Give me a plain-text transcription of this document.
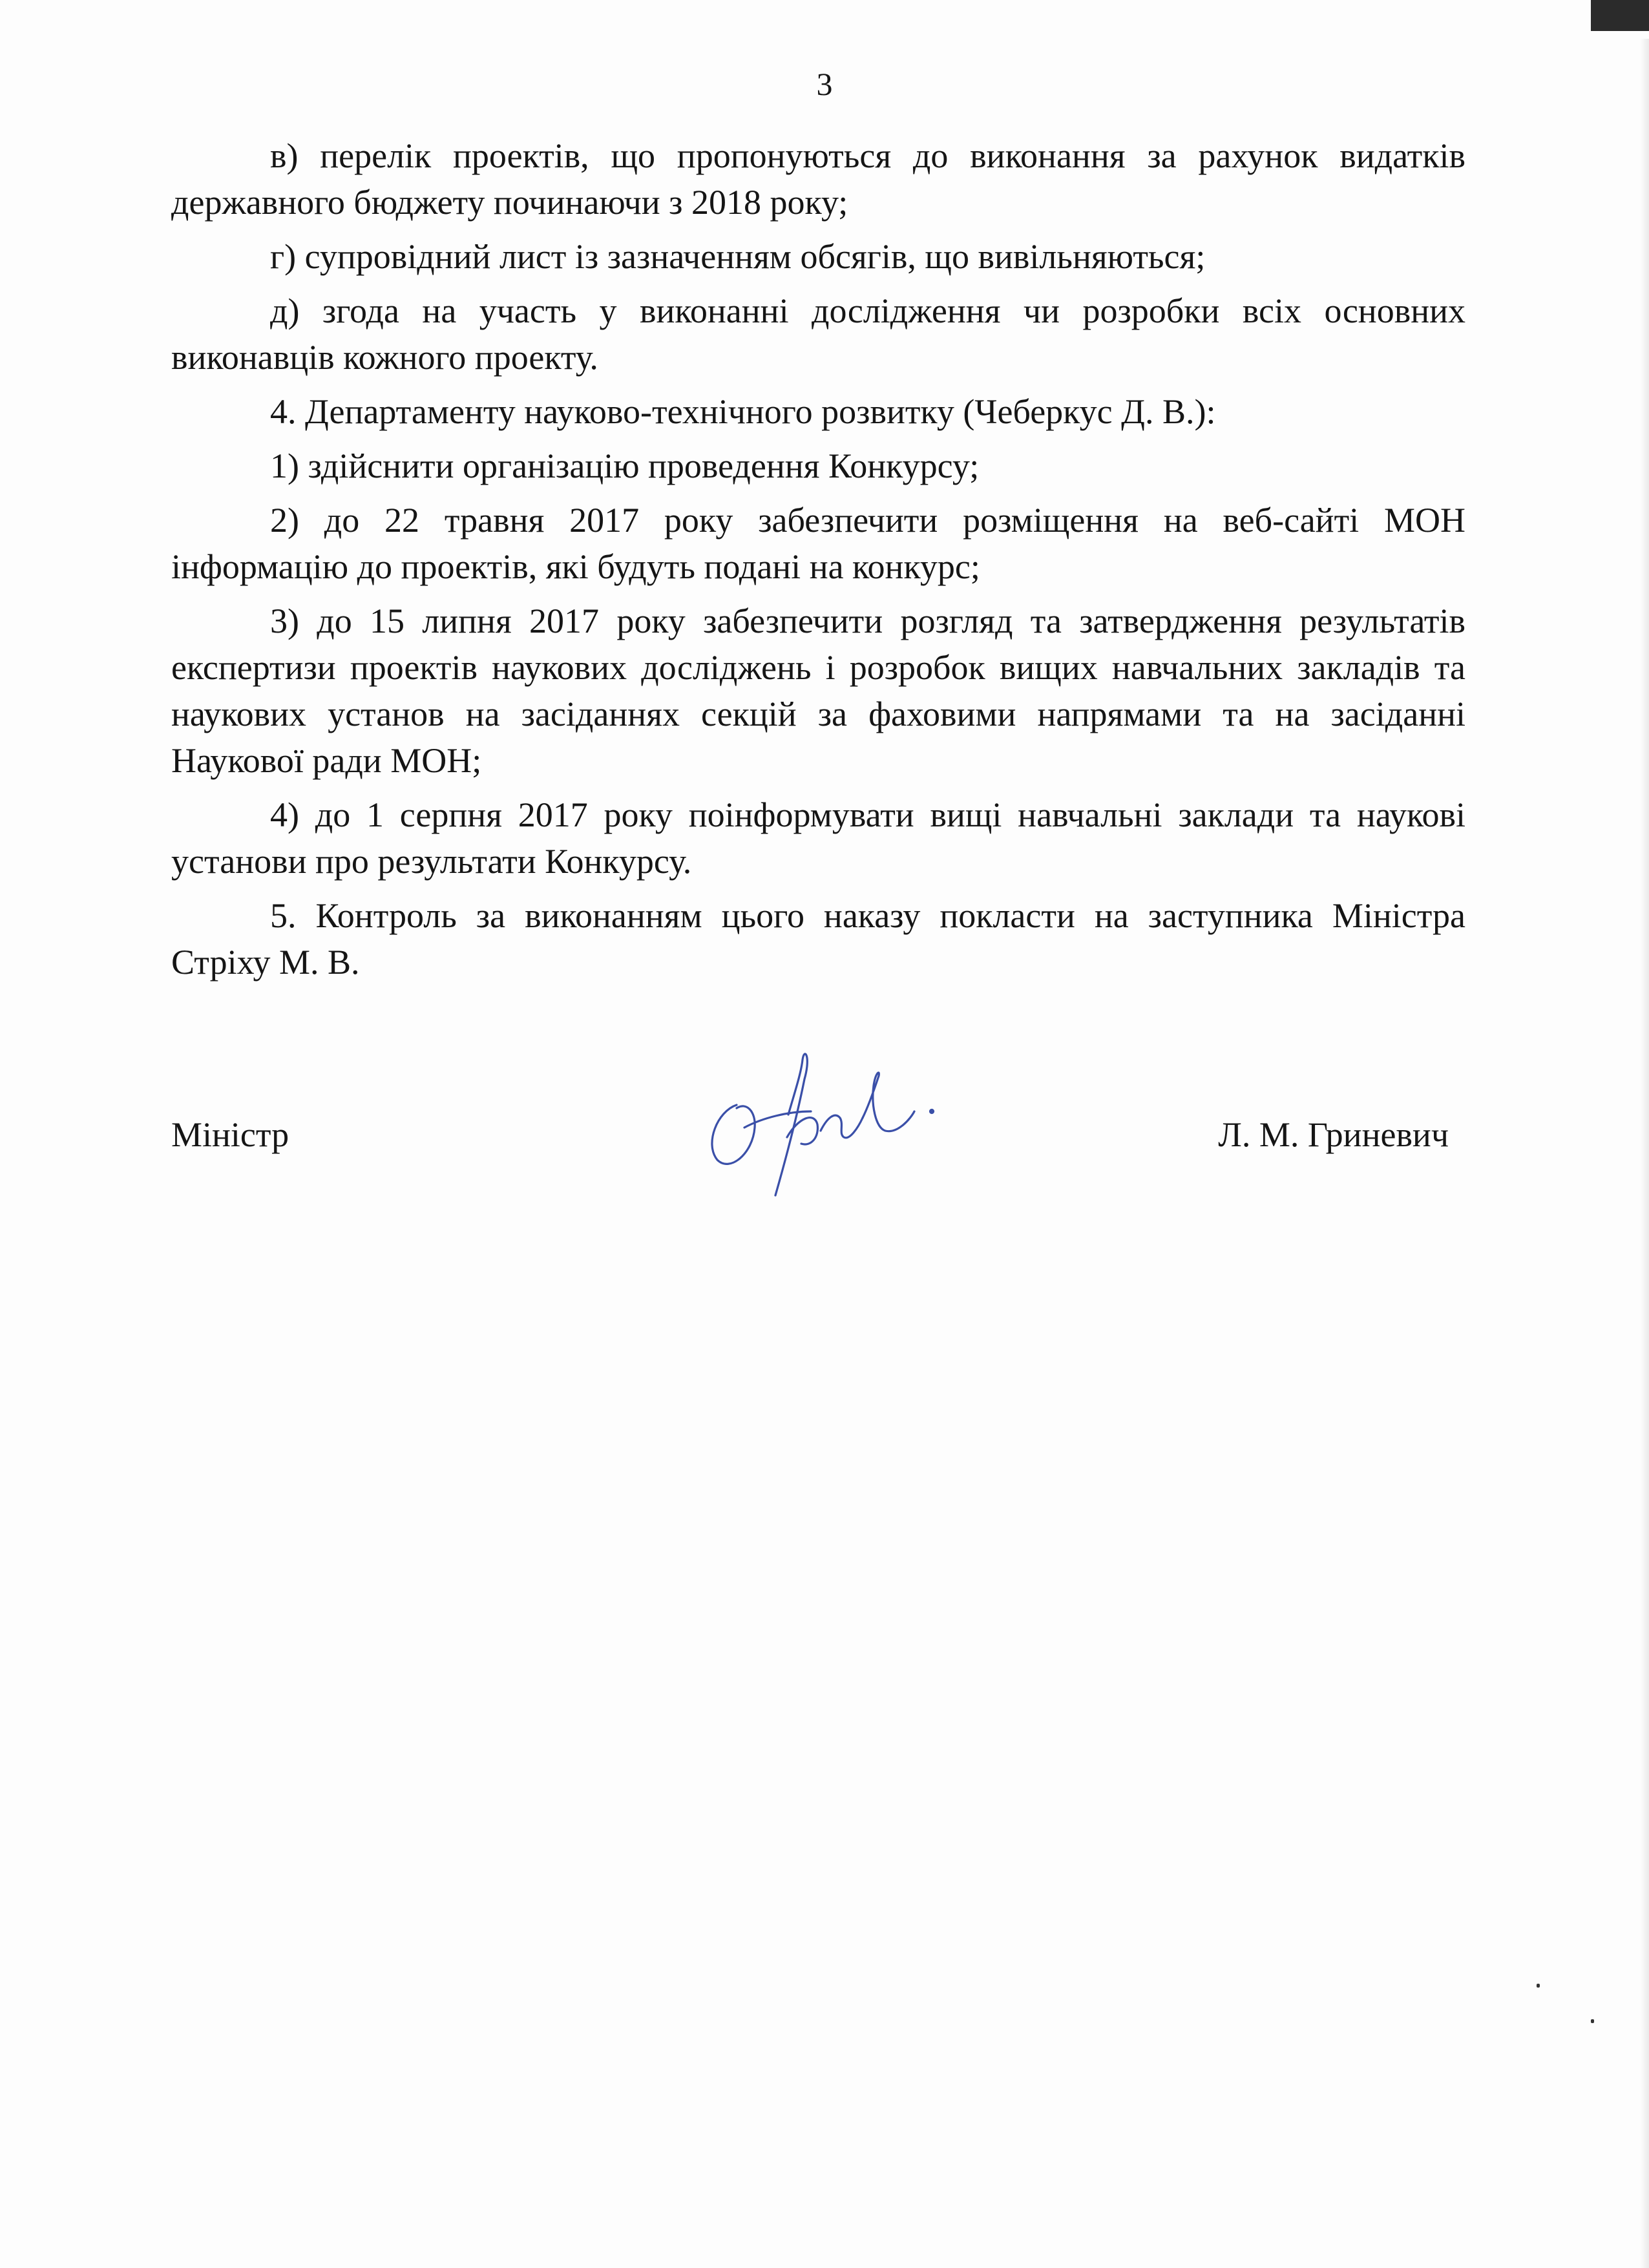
3

в) перелік проектів, що пропонуються до виконання за рахунок видатків державного бюджету починаючи з 2018 року;

г) супровідний лист із зазначенням обсягів, що вивільняються;

д) згода на участь у виконанні дослідження чи розробки всіх основних виконавців кожного проекту.

4. Департаменту науково-технічного розвитку (Чеберкус Д. В.):

1) здійснити організацію проведення Конкурсу;

2) до 22 травня 2017 року забезпечити розміщення на веб-сайті МОН інформацію до проектів, які будуть подані на конкурс;

3) до 15 липня 2017 року забезпечити розгляд та затвердження результатів експертизи проектів наукових досліджень і розробок вищих навчальних закладів та наукових установ на засіданнях секцій за фаховими напрямами та на засіданні Наукової ради МОН;

4) до 1 серпня 2017 року поінформувати вищі навчальні заклади та наукові установи про результати Конкурсу.

5. Контроль за виконанням цього наказу покласти на заступника Міністра Стріху М. В.

Міністр	Л. М. Гриневич
